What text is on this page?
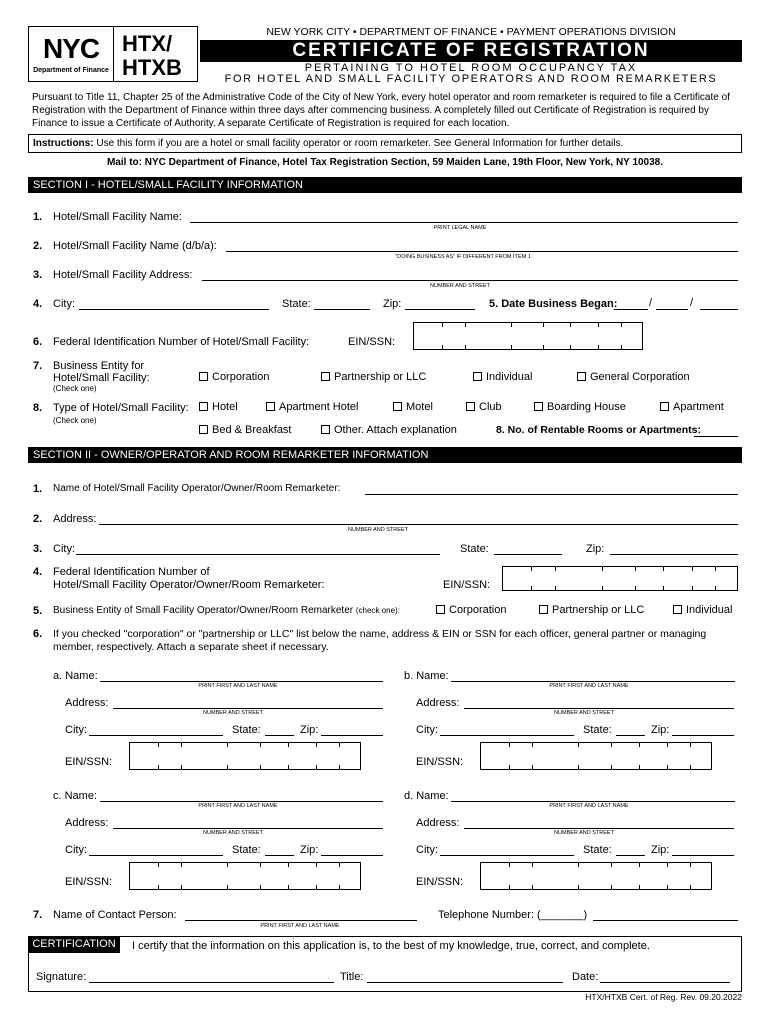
NYC
Department of Finance
HTX/
HTXB
NEW YORK CITY • DEPARTMENT OF FINANCE • PAYMENT OPERATIONS DIVISION
CERTIFICATE OF REGISTRATION
PERTAINING TO HOTEL ROOM OCCUPANCY TAX
FOR HOTEL AND SMALL FACILITY OPERATORS AND ROOM REMARKETERS
Pursuant to Title 11, Chapter 25 of the Administrative Code of the City of New York, every hotel operator and room remarketer is required to file a Certificate of Registration with the Department of Finance within three days after commencing business. A completely filled out Certificate of Registration is required by Finance to issue a Certificate of Authority. A separate Certificate of Registration is required for each location.
Instructions: Use this form if you are a hotel or small facility operator or room remarketer. See General Information for further details.
Mail to: NYC Department of Finance, Hotel Tax Registration Section, 59 Maiden Lane, 19th Floor, New York, NY 10038.
SECTION I - HOTEL/SMALL FACILITY INFORMATION
1. Hotel/Small Facility Name:
PRINT LEGAL NAME
2. Hotel/Small Facility Name (d/b/a):
"DOING BUSINESS AS" IF DIFFERENT FROM ITEM 1
3. Hotel/Small Facility Address:
NUMBER AND STREET
4. City:	State:	Zip:	5. Date Business Began:	/	/
6. Federal Identification Number of Hotel/Small Facility:	EIN/SSN:
7. Business Entity for
Hotel/Small Facility:
(Check one)
Corporation	Partnership or LLC	Individual	General Corporation
8. Type of Hotel/Small Facility:
(Check one)
Hotel	Apartment Hotel	Motel	Club	Boarding House	Apartment
Bed & Breakfast	Other. Attach explanation	8. No. of Rentable Rooms or Apartments:
SECTION II - OWNER/OPERATOR AND ROOM REMARKETER INFORMATION
1. Name of Hotel/Small Facility Operator/Owner/Room Remarketer:
2. Address:
NUMBER AND STREET
3. City:	State:	Zip:
4. Federal Identification Number of
Hotel/Small Facility Operator/Owner/Room Remarketer:	EIN/SSN:
5. Business Entity of Small Facility Operator/Owner/Room Remarketer (check one):	Corporation	Partnership or LLC	Individual
6. If you checked "corporation" or "partnership or LLC" list below the name, address & EIN or SSN for each officer, general partner or managing member, respectively. Attach a separate sheet if necessary.
a. Name:
PRINT FIRST AND LAST NAME
Address:
NUMBER AND STREET
City:	State:	Zip:
EIN/SSN:
b. Name:
PRINT FIRST AND LAST NAME
Address:
NUMBER AND STREET
City:	State:	Zip:
EIN/SSN:
c. Name:
PRINT FIRST AND LAST NAME
Address:
NUMBER AND STREET
City:	State:	Zip:
EIN/SSN:
d. Name:
PRINT FIRST AND LAST NAME
Address:
NUMBER AND STREET
City:	State:	Zip:
EIN/SSN:
7. Name of Contact Person:
PRINT FIRST AND LAST NAME
Telephone Number: (_______)
CERTIFICATION	I certify that the information on this application is, to the best of my knowledge, true, correct, and complete.
Signature:	Title:	Date:
HTX/HTXB Cert. of Reg. Rev. 09.20.2022
